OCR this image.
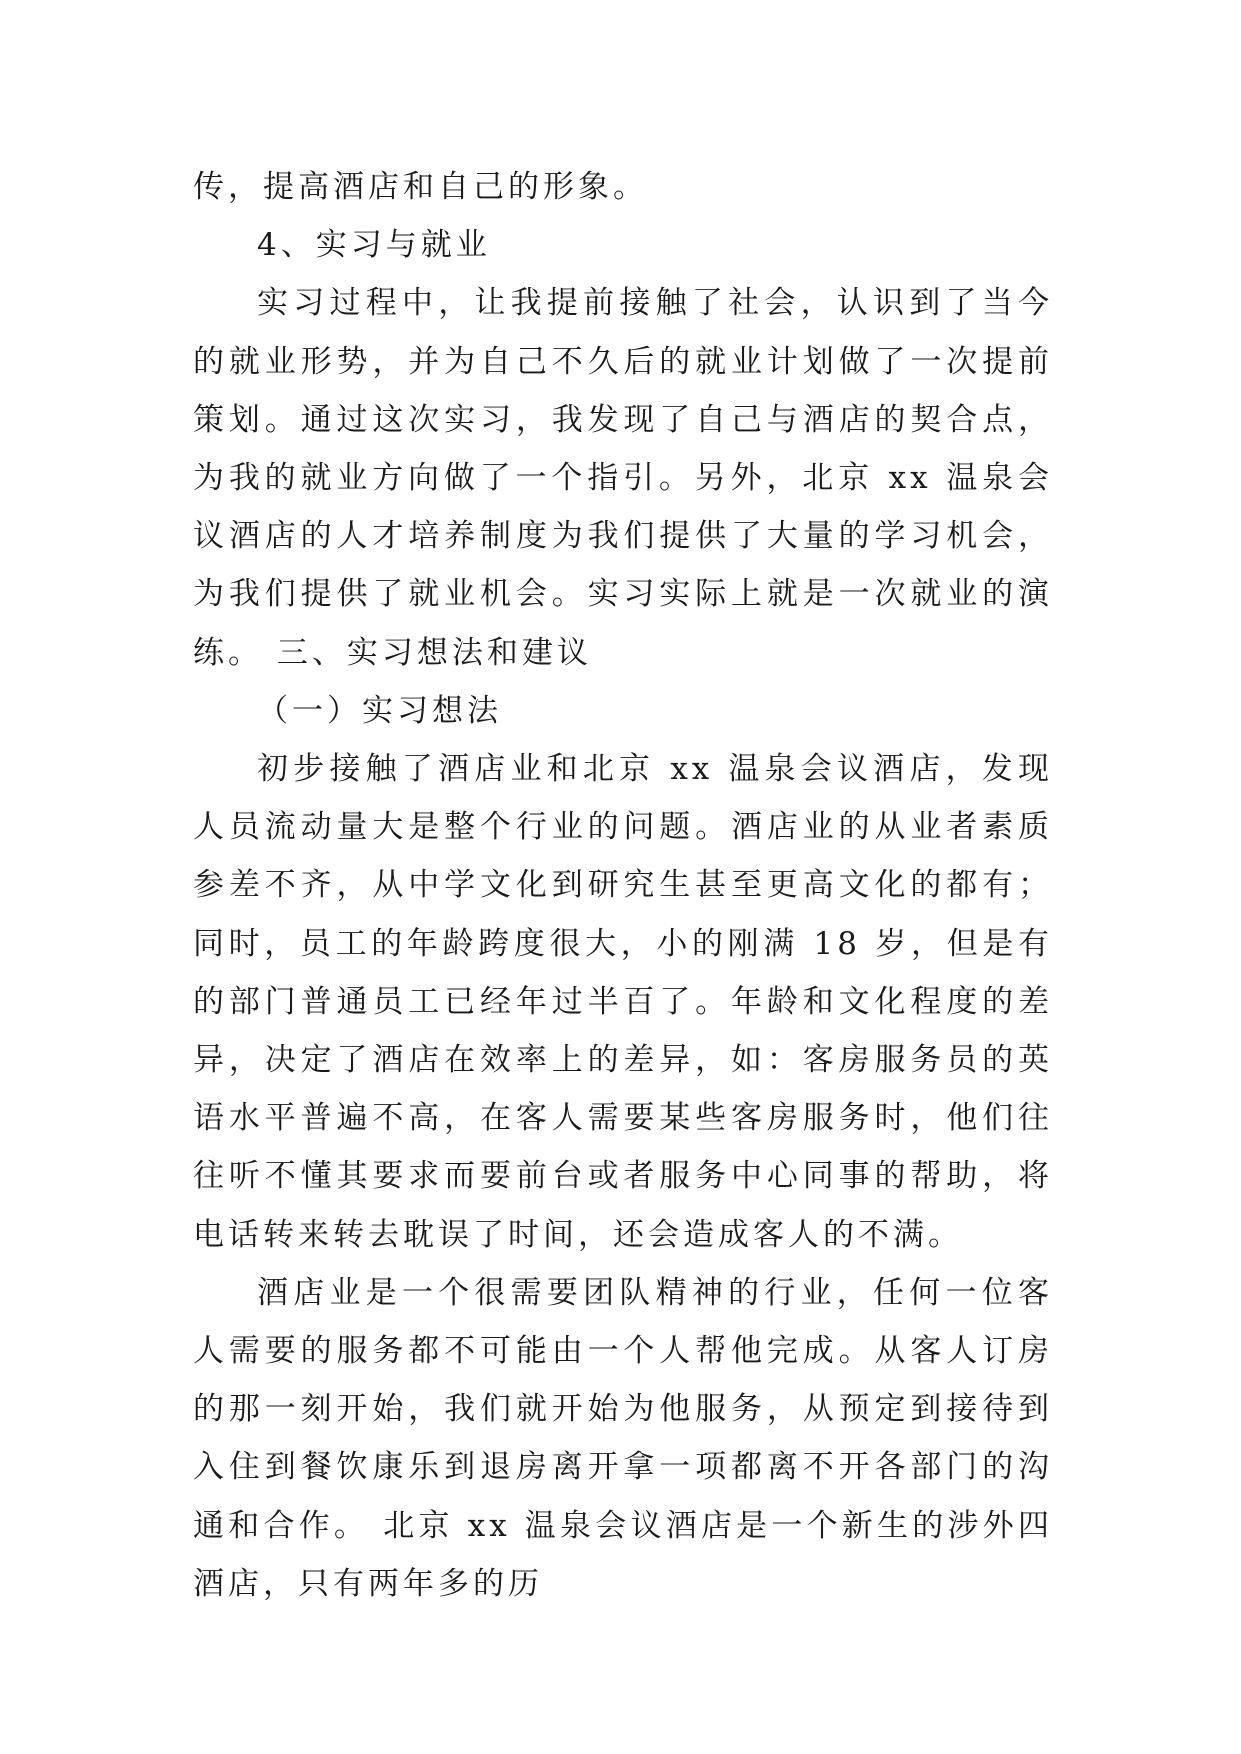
传，提高酒店和自己的形象。

4、实习与就业

实习过程中，让我提前接触了社会，认识到了当今的就业形势，并为自己不久后的就业计划做了一次提前策划。通过这次实习，我发现了自己与酒店的契合点，为我的就业方向做了一个指引。另外，北京 xx 温泉会议酒店的人才培养制度为我们提供了大量的学习机会，为我们提供了就业机会。实习实际上就是一次就业的演练。 三、实习想法和建议

（一）实习想法

初步接触了酒店业和北京 xx 温泉会议酒店，发现人员流动量大是整个行业的问题。酒店业的从业者素质参差不齐，从中学文化到研究生甚至更高文化的都有；同时，员工的年龄跨度很大，小的刚满 18 岁，但是有的部门普通员工已经年过半百了。年龄和文化程度的差异，决定了酒店在效率上的差异，如：客房服务员的英语水平普遍不高，在客人需要某些客房服务时，他们往往听不懂其要求而要前台或者服务中心同事的帮助，将电话转来转去耽误了时间，还会造成客人的不满。

酒店业是一个很需要团队精神的行业，任何一位客人需要的服务都不可能由一个人帮他完成。从客人订房的那一刻开始，我们就开始为他服务，从预定到接待到入住到餐饮康乐到退房离开拿一项都离不开各部门的沟通和合作。 北京 xx 温泉会议酒店是一个新生的涉外四酒店，只有两年多的历
